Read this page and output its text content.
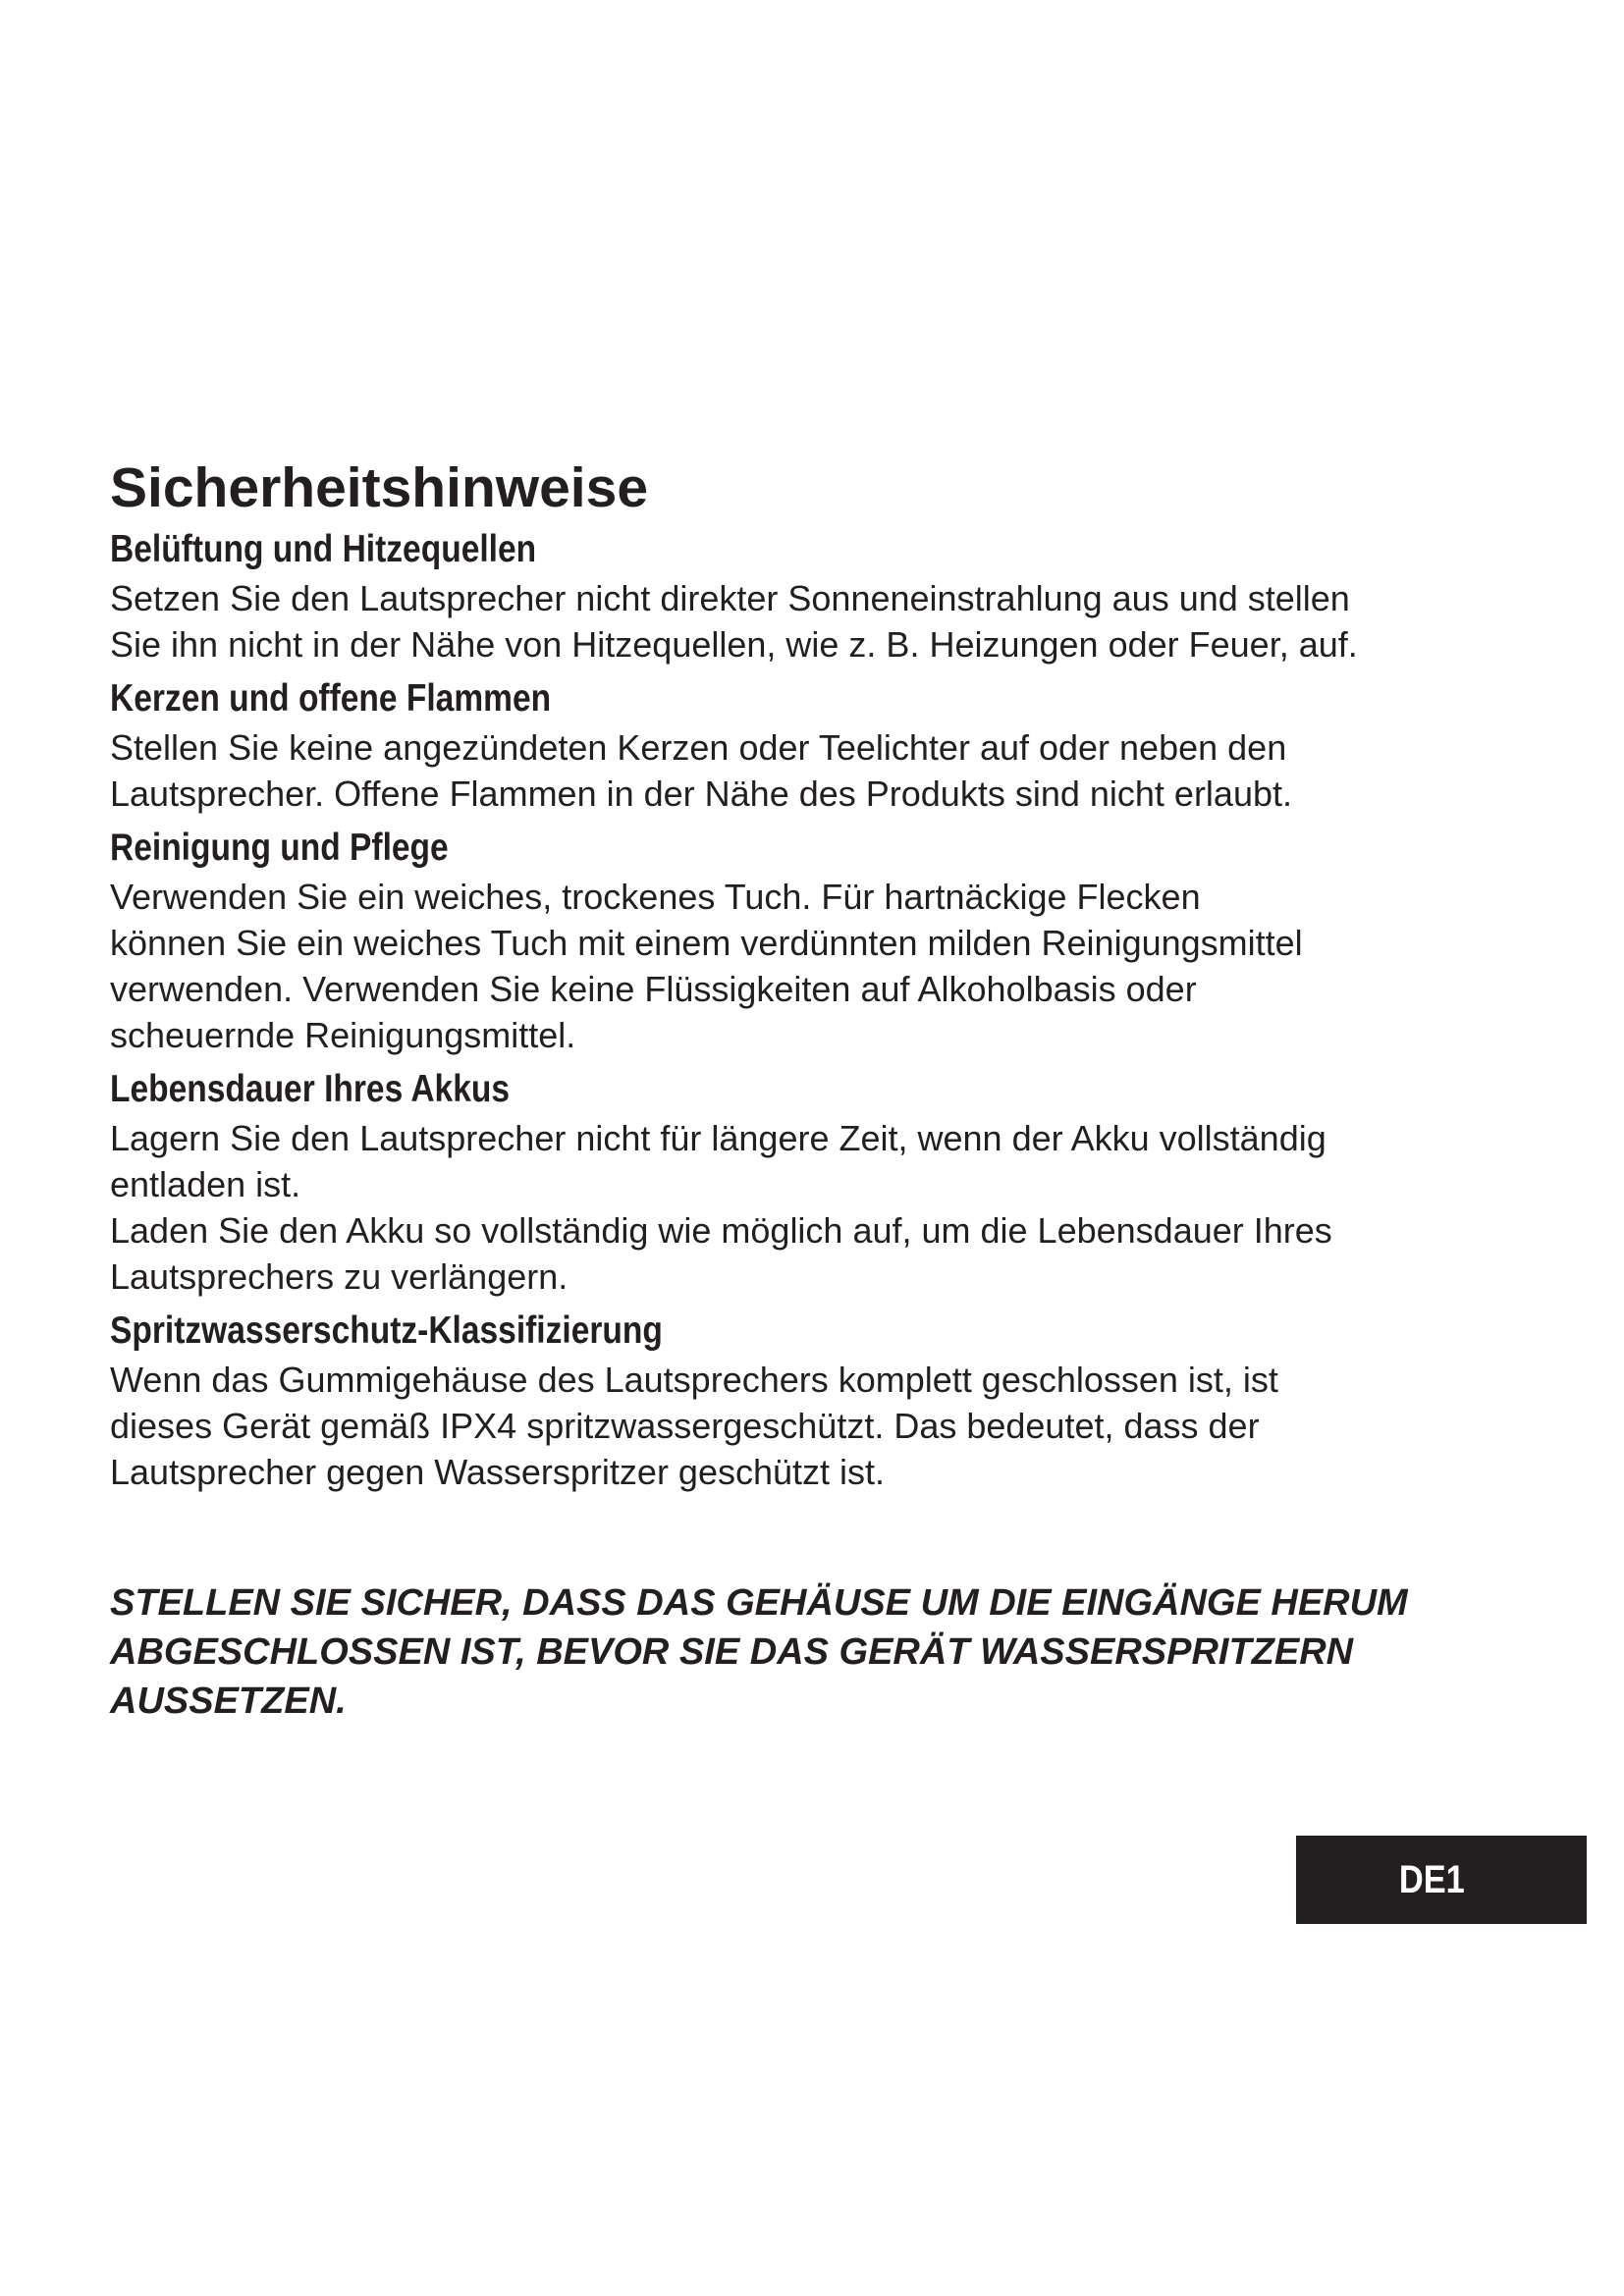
Sicherheitshinweise
Belüftung und Hitzequellen

Setzen Sie den Lautsprecher nicht direkter Sonneneinstrahlung aus und stellen

Sie ihn nicht in der Nähe von Hitzequellen, wie z. B. Heizungen oder Feuer, auf.

Kerzen und offene Flammen

Stellen Sie keine angezündeten Kerzen oder Teelichter auf oder neben den

Lautsprecher. Offene Flammen in der Nähe des Produkts sind nicht erlaubt.

Reinigung und Pflege

Verwenden Sie ein weiches, trockenes Tuch. Für hartnäckige Flecken

können Sie ein weiches Tuch mit einem verdünnten milden Reinigungsmittel

verwenden. Verwenden Sie keine Flüssigkeiten auf Alkoholbasis oder

scheuernde Reinigungsmittel.

Lebensdauer Ihres Akkus

Lagern Sie den Lautsprecher nicht für längere Zeit, wenn der Akku vollständig

entladen ist.

Laden Sie den Akku so vollständig wie möglich auf, um die Lebensdauer Ihres

Lautsprechers zu verlängern.

Spritzwasserschutz-Klassifizierung

Wenn das Gummigehäuse des Lautsprechers komplett geschlossen ist, ist

dieses Gerät gemäß IPX4 spritzwassergeschützt. Das bedeutet, dass der

Lautsprecher gegen Wasserspritzer geschützt ist.

STELLEN SIE SICHER, DASS DAS GEHÄUSE UM DIE EINGÄNGE HERUM
ABGESCHLOSSEN IST, BEVOR SIE DAS GERÄT WASSERSPRITZERN
AUSSETZEN.
DE1
